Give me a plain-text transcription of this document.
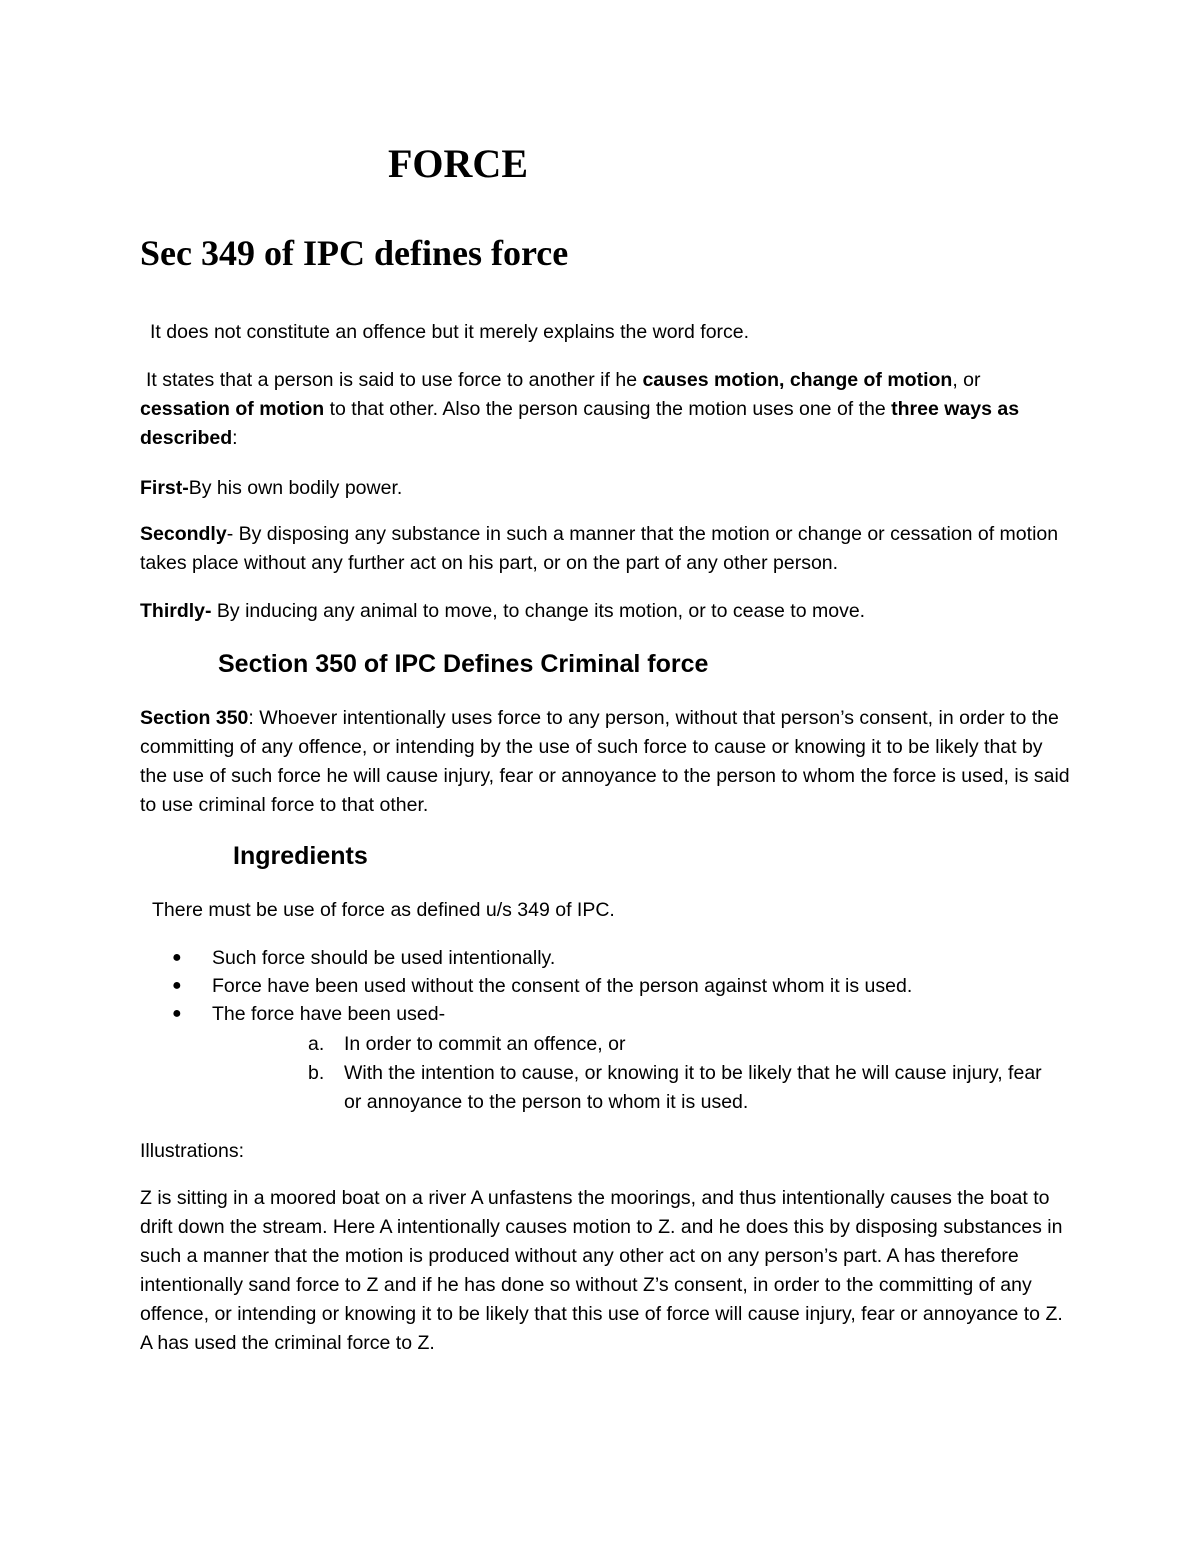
FORCE
Sec 349 of IPC defines force

It does not constitute an offence but it merely explains the word force.

It states that a person is said to use force to another if he causes motion, change of motion, or cessation of motion to that other. Also the person causing the motion uses one of the three ways as described:

First-By his own bodily power.

Secondly- By disposing any substance in such a manner that the motion or change or cessation of motion takes place without any further act on his part, or on the part of any other person.

Thirdly- By inducing any animal to move, to change its motion, or to cease to move.

Section 350 of IPC Defines Criminal force

Section 350: Whoever intentionally uses force to any person, without that person’s consent, in order to the committing of any offence, or intending by the use of such force to cause or knowing it to be likely that by the use of such force he will cause injury, fear or annoyance to the person to whom the force is used, is said to use criminal force to that other.

Ingredients

There must be use of force as defined u/s 349 of IPC.

● Such force should be used intentionally.
● Force have been used without the consent of the person against whom it is used.
● The force have been used-
a. In order to commit an offence, or
b. With the intention to cause, or knowing it to be likely that he will cause injury, fear or annoyance to the person to whom it is used.

Illustrations:

Z is sitting in a moored boat on a river A unfastens the moorings, and thus intentionally causes the boat to drift down the stream. Here A intentionally causes motion to Z. and he does this by disposing substances in such a manner that the motion is produced without any other act on any person’s part. A has therefore intentionally sand force to Z and if he has done so without Z’s consent, in order to the committing of any offence, or intending or knowing it to be likely that this use of force will cause injury, fear or annoyance to Z. A has used the criminal force to Z.
